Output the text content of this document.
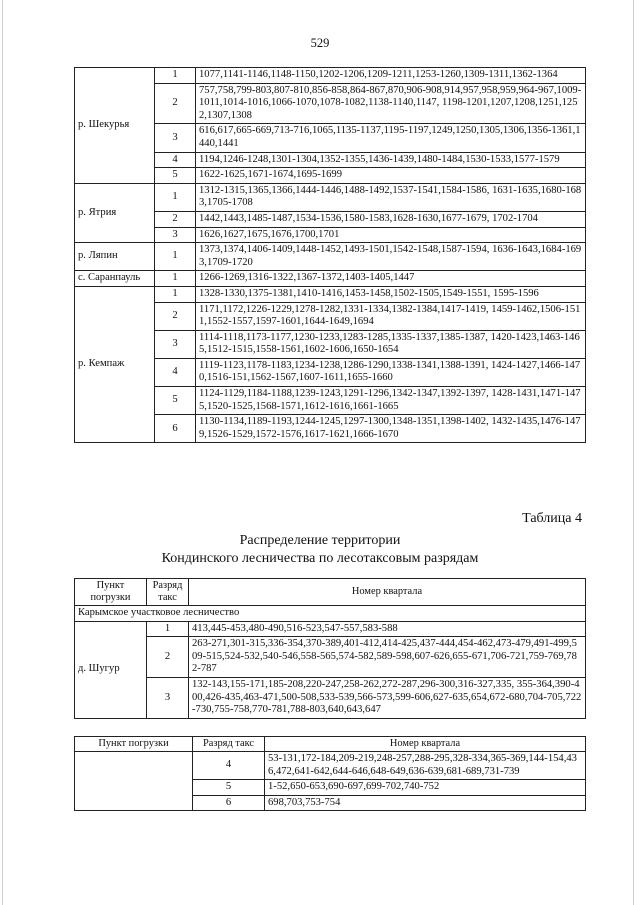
529
р. Шекурья	1	1077,1141-1146,1148-1150,1202-1206,1209-1211,1253-1260,1309-1311,1362-1364
	2	757,758,799-803,807-810,856-858,864-867,870,906-908,914,957,958,959,964-967,1009-1011,1014-1016,1066-1070,1078-1082,1138-1140,1147, 1198-1201,1207,1208,1251,1252,1307,1308
	3	616,617,665-669,713-716,1065,1135-1137,1195-1197,1249,1250,1305,1306,1356-1361,1440,1441
	4	1194,1246-1248,1301-1304,1352-1355,1436-1439,1480-1484,1530-1533,1577-1579
	5	1622-1625,1671-1674,1695-1699
р. Ятрия	1	1312-1315,1365,1366,1444-1446,1488-1492,1537-1541,1584-1586, 1631-1635,1680-1683,1705-1708
	2	1442,1443,1485-1487,1534-1536,1580-1583,1628-1630,1677-1679, 1702-1704
	3	1626,1627,1675,1676,1700,1701
р. Ляпин	1	1373,1374,1406-1409,1448-1452,1493-1501,1542-1548,1587-1594, 1636-1643,1684-1693,1709-1720
с. Саранпауль	1	1266-1269,1316-1322,1367-1372,1403-1405,1447
р. Кемпаж	1	1328-1330,1375-1381,1410-1416,1453-1458,1502-1505,1549-1551, 1595-1596
	2	1171,1172,1226-1229,1278-1282,1331-1334,1382-1384,1417-1419, 1459-1462,1506-1511,1552-1557,1597-1601,1644-1649,1694
	3	1114-1118,1173-1177,1230-1233,1283-1285,1335-1337,1385-1387, 1420-1423,1463-1465,1512-1515,1558-1561,1602-1606,1650-1654
	4	1119-1123,1178-1183,1234-1238,1286-1290,1338-1341,1388-1391, 1424-1427,1466-1470,1516-151,1562-1567,1607-1611,1655-1660
	5	1124-1129,1184-1188,1239-1243,1291-1296,1342-1347,1392-1397, 1428-1431,1471-1475,1520-1525,1568-1571,1612-1616,1661-1665
	6	1130-1134,1189-1193,1244-1245,1297-1300,1348-1351,1398-1402, 1432-1435,1476-1479,1526-1529,1572-1576,1617-1621,1666-1670
Таблица 4
Распределение территории
Кондинского лесничества по лесотаксовым разрядам
Пункт погрузки	Разряд такс	Номер квартала
Карымское участковое лесничество		
д. Шугур	1	413,445-453,480-490,516-523,547-557,583-588
	2	263-271,301-315,336-354,370-389,401-412,414-425,437-444,454-462,473-479,491-499,509-515,524-532,540-546,558-565,574-582,589-598,607-626,655-671,706-721,759-769,782-787
	3	132-143,155-171,185-208,220-247,258-262,272-287,296-300,316-327,335, 355-364,390-400,426-435,463-471,500-508,533-539,566-573,599-606,627-635,654,672-680,704-705,722-730,755-758,770-781,788-803,640,643,647
Пункт погрузки	Разряд такс	Номер квартала
	4	53-131,172-184,209-219,248-257,288-295,328-334,365-369,144-154,436,472,641-642,644-646,648-649,636-639,681-689,731-739
	5	1-52,650-653,690-697,699-702,740-752
	6	698,703,753-754
